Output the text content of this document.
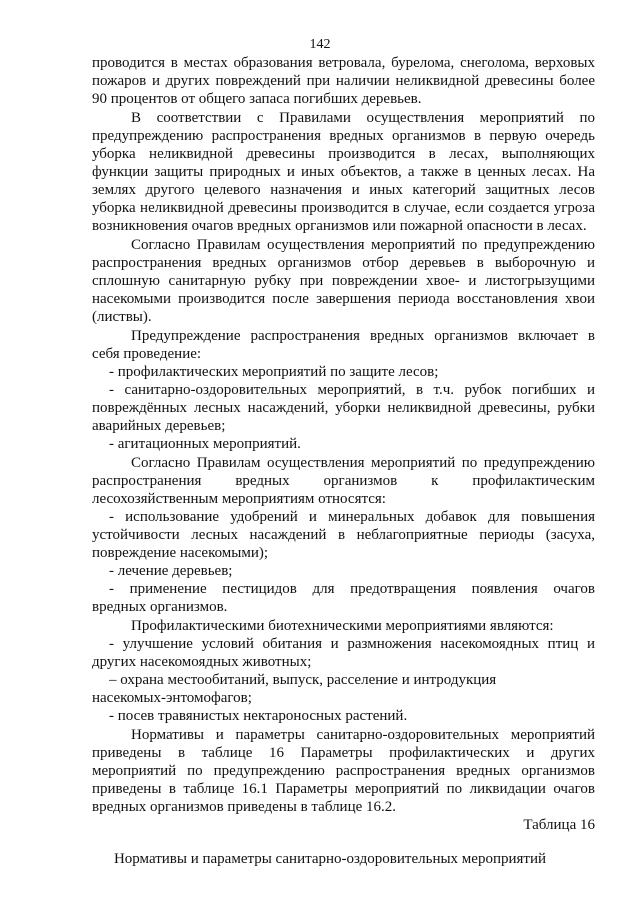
142
проводится в местах образования ветровала, бурелома, снеголома, верховых
пожаров и других повреждений при наличии неликвидной древесины более
90 процентов от общего запаса погибших деревьев.
В соответствии с Правилами осуществления мероприятий по
предупреждению распространения вредных организмов в первую очередь
уборка неликвидной древесины производится в лесах, выполняющих
функции защиты природных и иных объектов, а также в ценных лесах. На
землях другого целевого назначения и иных категорий защитных лесов
уборка неликвидной древесины производится в случае, если создается угроза
возникновения очагов вредных организмов или пожарной опасности в лесах.
Согласно Правилам осуществления мероприятий по предупреждению
распространения вредных организмов отбор деревьев в выборочную и
сплошную санитарную рубку при повреждении хвое- и листогрызущими
насекомыми производится после завершения периода восстановления хвои
(листвы).
Предупреждение распространения вредных организмов включает в
себя проведение:
- профилактических мероприятий по защите лесов;
- санитарно-оздоровительных мероприятий, в т.ч. рубок погибших и
повреждённых лесных насаждений, уборки неликвидной древесины, рубки
аварийных деревьев;
- агитационных мероприятий.
Согласно Правилам осуществления мероприятий по предупреждению
распространения вредных организмов к профилактическим
лесохозяйственным мероприятиям относятся:
- использование удобрений и минеральных добавок для повышения
устойчивости лесных насаждений в неблагоприятные периоды (засуха,
повреждение насекомыми);
- лечение деревьев;
- применение пестицидов для предотвращения появления очагов
вредных организмов.
Профилактическими биотехническими мероприятиями являются:
- улучшение условий обитания и размножения насекомоядных птиц и
других насекомоядных животных;
– охрана местообитаний, выпуск, расселение и интродукция
насекомых-энтомофагов;
- посев травянистых нектароносных растений.
Нормативы и параметры санитарно-оздоровительных мероприятий
приведены в таблице 16 Параметры профилактических и других
мероприятий по предупреждению распространения вредных организмов
приведены в таблице 16.1 Параметры мероприятий по ликвидации очагов
вредных организмов приведены в таблице 16.2.
Таблица 16
Нормативы и параметры санитарно-оздоровительных мероприятий
